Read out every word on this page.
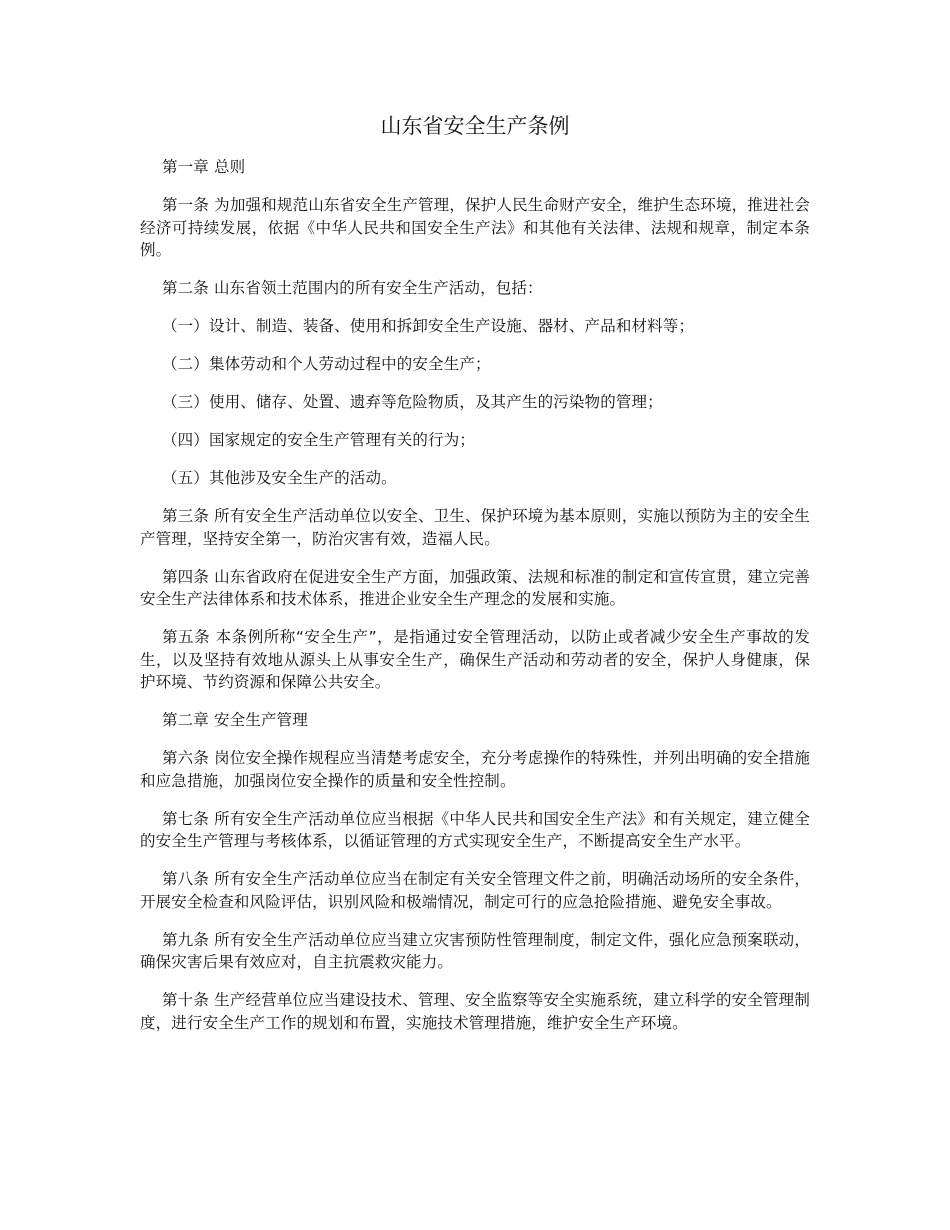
山东省安全生产条例

第一章 总则

第一条 为加强和规范山东省安全生产管理，保护人民生命财产安全，维护生态环境，推进社会经济可持续发展，依据《中华人民共和国安全生产法》和其他有关法律、法规和规章，制定本条例。

第二条 山东省领土范围内的所有安全生产活动，包括：

（一）设计、制造、装备、使用和拆卸安全生产设施、器材、产品和材料等；

（二）集体劳动和个人劳动过程中的安全生产；

（三）使用、储存、处置、遗弃等危险物质，及其产生的污染物的管理；

（四）国家规定的安全生产管理有关的行为；

（五）其他涉及安全生产的活动。

第三条 所有安全生产活动单位以安全、卫生、保护环境为基本原则，实施以预防为主的安全生产管理，坚持安全第一，防治灾害有效，造福人民。

第四条 山东省政府在促进安全生产方面，加强政策、法规和标准的制定和宣传宣贯，建立完善安全生产法律体系和技术体系，推进企业安全生产理念的发展和实施。

第五条 本条例所称“安全生产”，是指通过安全管理活动，以防止或者减少安全生产事故的发生，以及坚持有效地从源头上从事安全生产，确保生产活动和劳动者的安全，保护人身健康，保护环境、节约资源和保障公共安全。

第二章 安全生产管理

第六条 岗位安全操作规程应当清楚考虑安全，充分考虑操作的特殊性，并列出明确的安全措施和应急措施，加强岗位安全操作的质量和安全性控制。

第七条 所有安全生产活动单位应当根据《中华人民共和国安全生产法》和有关规定，建立健全的安全生产管理与考核体系，以循证管理的方式实现安全生产，不断提高安全生产水平。

第八条 所有安全生产活动单位应当在制定有关安全管理文件之前，明确活动场所的安全条件，开展安全检查和风险评估，识别风险和极端情况，制定可行的应急抢险措施、避免安全事故。

第九条 所有安全生产活动单位应当建立灾害预防性管理制度，制定文件，强化应急预案联动，确保灾害后果有效应对，自主抗震救灾能力。

第十条 生产经营单位应当建设技术、管理、安全监察等安全实施系统，建立科学的安全管理制度，进行安全生产工作的规划和布置，实施技术管理措施，维护安全生产环境。
